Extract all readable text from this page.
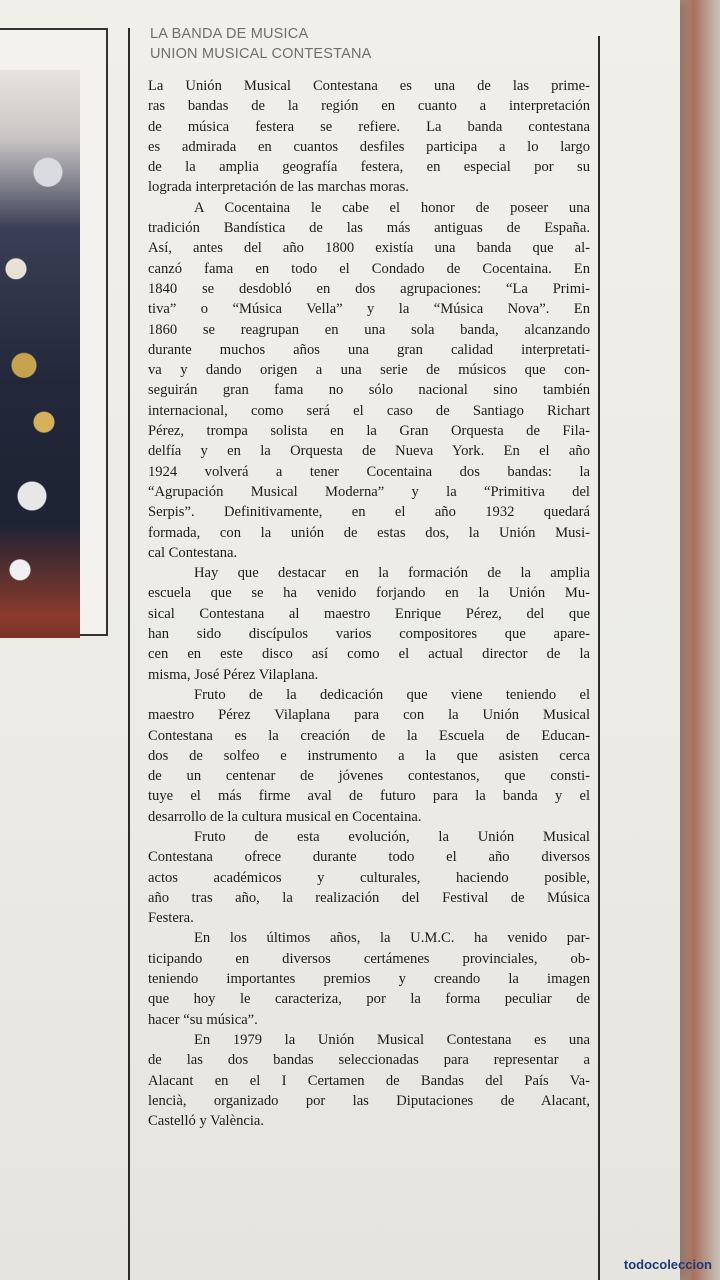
LA BANDA DE MUSICA
UNION MUSICAL CONTESTANA
La Unión Musical Contestana es una de las prime-
ras bandas de la región en cuanto a interpretación
de música festera se refiere. La banda contestana
es admirada en cuantos desfiles participa a lo largo
de la amplia geografía festera, en especial por su
lograda interpretación de las marchas moras.
A Cocentaina le cabe el honor de poseer una
tradición Bandística de las más antiguas de España.
Así, antes del año 1800 existía una banda que al-
canzó fama en todo el Condado de Cocentaina. En
1840 se desdobló en dos agrupaciones: “La Primi-
tiva” o “Música Vella” y la “Música Nova”. En
1860 se reagrupan en una sola banda, alcanzando
durante muchos años una gran calidad interpretati-
va y dando origen a una serie de músicos que con-
seguirán gran fama no sólo nacional sino también
internacional, como será el caso de Santiago Richart
Pérez, trompa solista en la Gran Orquesta de Fila-
delfía y en la Orquesta de Nueva York. En el año
1924 volverá a tener Cocentaina dos bandas: la
“Agrupación Musical Moderna” y la “Primitiva del
Serpis”. Definitivamente, en el año 1932 quedará
formada, con la unión de estas dos, la Unión Musi-
cal Contestana.
Hay que destacar en la formación de la amplia
escuela que se ha venido forjando en la Unión Mu-
sical Contestana al maestro Enrique Pérez, del que
han sido discípulos varios compositores que apare-
cen en este disco así como el actual director de la
misma, José Pérez Vilaplana.
Fruto de la dedicación que viene teniendo el
maestro Pérez Vilaplana para con la Unión Musical
Contestana es la creación de la Escuela de Educan-
dos de solfeo e instrumento a la que asisten cerca
de un centenar de jóvenes contestanos, que consti-
tuye el más firme aval de futuro para la banda y el
desarrollo de la cultura musical en Cocentaina.
Fruto de esta evolución, la Unión Musical
Contestana ofrece durante todo el año diversos
actos académicos y culturales, haciendo posible,
año tras año, la realización del Festival de Música
Festera.
En los últimos años, la U.M.C. ha venido par-
ticipando en diversos certámenes provinciales, ob-
teniendo importantes premios y creando la imagen
que hoy le caracteriza, por la forma peculiar de
hacer “su música”.
En 1979 la Unión Musical Contestana es una
de las dos bandas seleccionadas para representar a
Alacant en el I Certamen de Bandas del País Va-
lencià, organizado por las Diputaciones de Alacant,
Castelló y València.
todocoleccion
